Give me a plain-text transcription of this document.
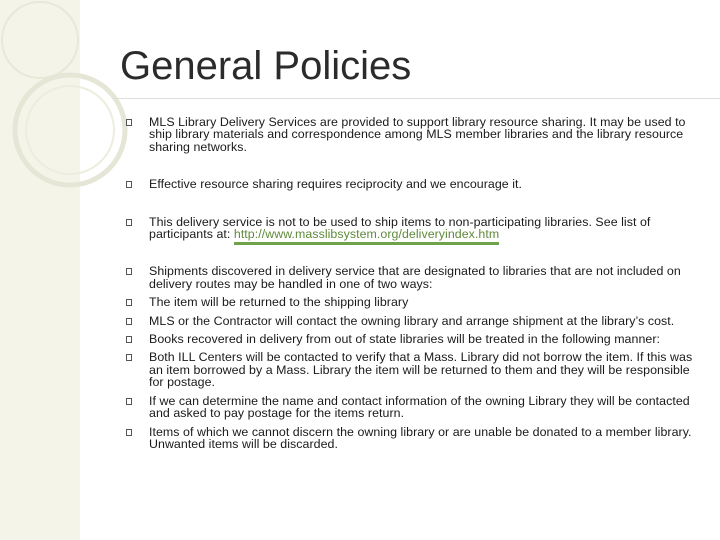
General Policies
MLS Library Delivery Services are provided to support library resource sharing. It may be used to ship library materials and correspondence among MLS member libraries and the library resource sharing networks.
Effective resource sharing requires reciprocity and we encourage it.
This delivery service is not to be used to ship items to non-participating libraries. See list of participants at: http://www.masslibsystem.org/deliveryindex.htm
Shipments discovered in delivery service that are designated to libraries that are not included on delivery routes may be handled in one of two ways:
The item will be returned to the shipping library
MLS or the Contractor will contact the owning library and arrange shipment at the library’s cost.
Books recovered in delivery from out of state libraries will be treated in the following manner:
Both ILL Centers will be contacted to verify that a Mass. Library did not borrow the item. If this was an item borrowed by a Mass. Library the item will be returned to them and they will be responsible for postage.
If we can determine the name and contact information of the owning Library they will be contacted and asked to pay postage for the items return.
Items of which we cannot discern the owning library or are unable be donated to a member library. Unwanted items will be discarded.
